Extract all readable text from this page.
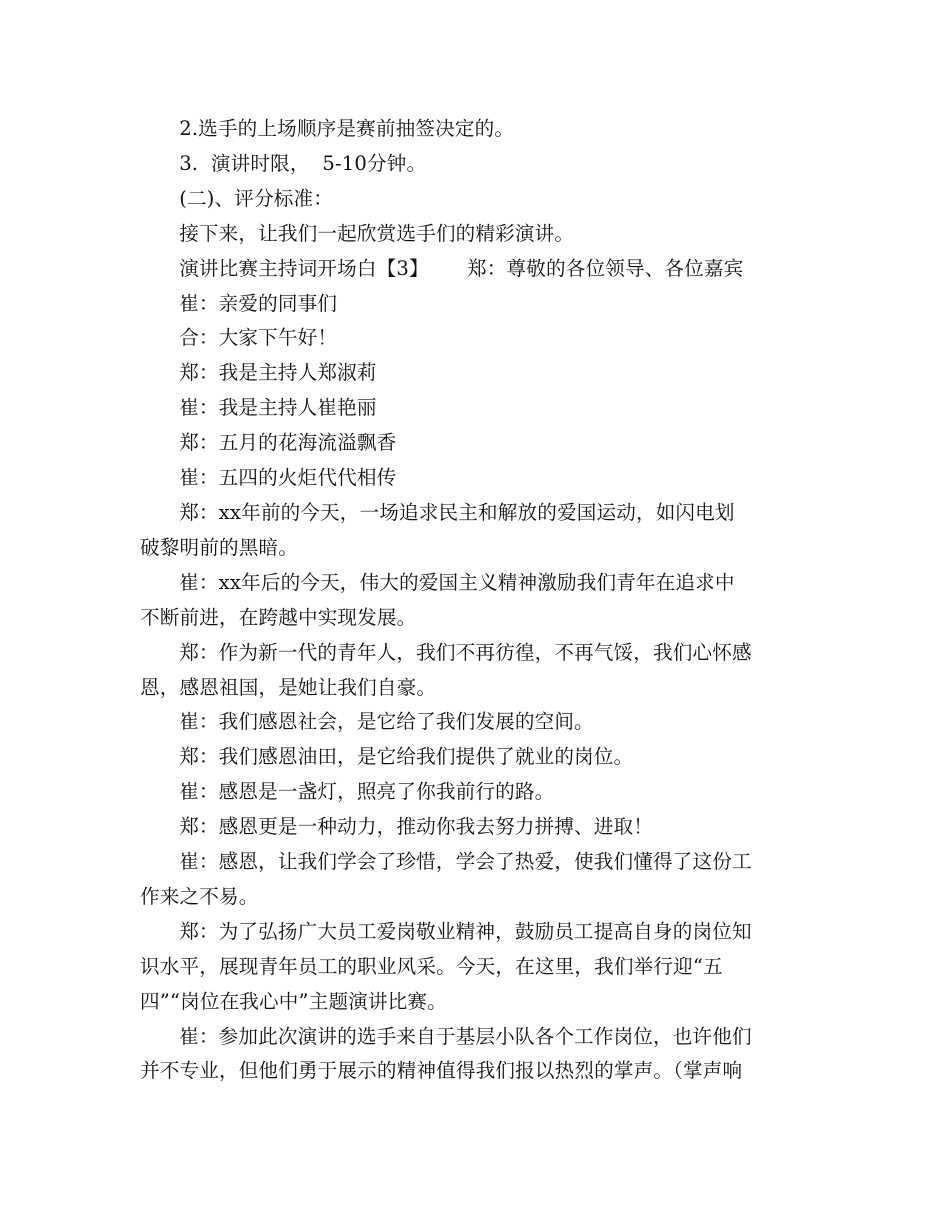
2.选手的上场顺序是赛前抽签决定的。

3.  演讲时限，  5-10分钟。

(二)、评分标准：

接下来，让我们一起欣赏选手们的精彩演讲。

演讲比赛主持词开场白【3】      郑：尊敬的各位领导、各位嘉宾

崔：亲爱的同事们

合：大家下午好！

郑：我是主持人郑淑莉

崔：我是主持人崔艳丽

郑：五月的花海流溢飘香

崔：五四的火炬代代相传

郑：xx年前的今天，一场追求民主和解放的爱国运动，如闪电划
破黎明前的黑暗。

崔：xx年后的今天，伟大的爱国主义精神激励我们青年在追求中
不断前进，在跨越中实现发展。

郑：作为新一代的青年人，我们不再彷徨，不再气馁，我们心怀感
恩，感恩祖国，是她让我们自豪。

崔：我们感恩社会，是它给了我们发展的空间。

郑：我们感恩油田，是它给我们提供了就业的岗位。

崔：感恩是一盏灯，照亮了你我前行的路。

郑：感恩更是一种动力，推动你我去努力拼搏、进取！

崔：感恩，让我们学会了珍惜，学会了热爱，使我们懂得了这份工
作来之不易。

郑：为了弘扬广大员工爱岗敬业精神，鼓励员工提高自身的岗位知
识水平，展现青年员工的职业风采。今天，在这里，我们举行迎“五
四”“岗位在我心中”主题演讲比赛。

崔：参加此次演讲的选手来自于基层小队各个工作岗位，也许他们
并不专业，但他们勇于展示的精神值得我们报以热烈的掌声。（掌声响
